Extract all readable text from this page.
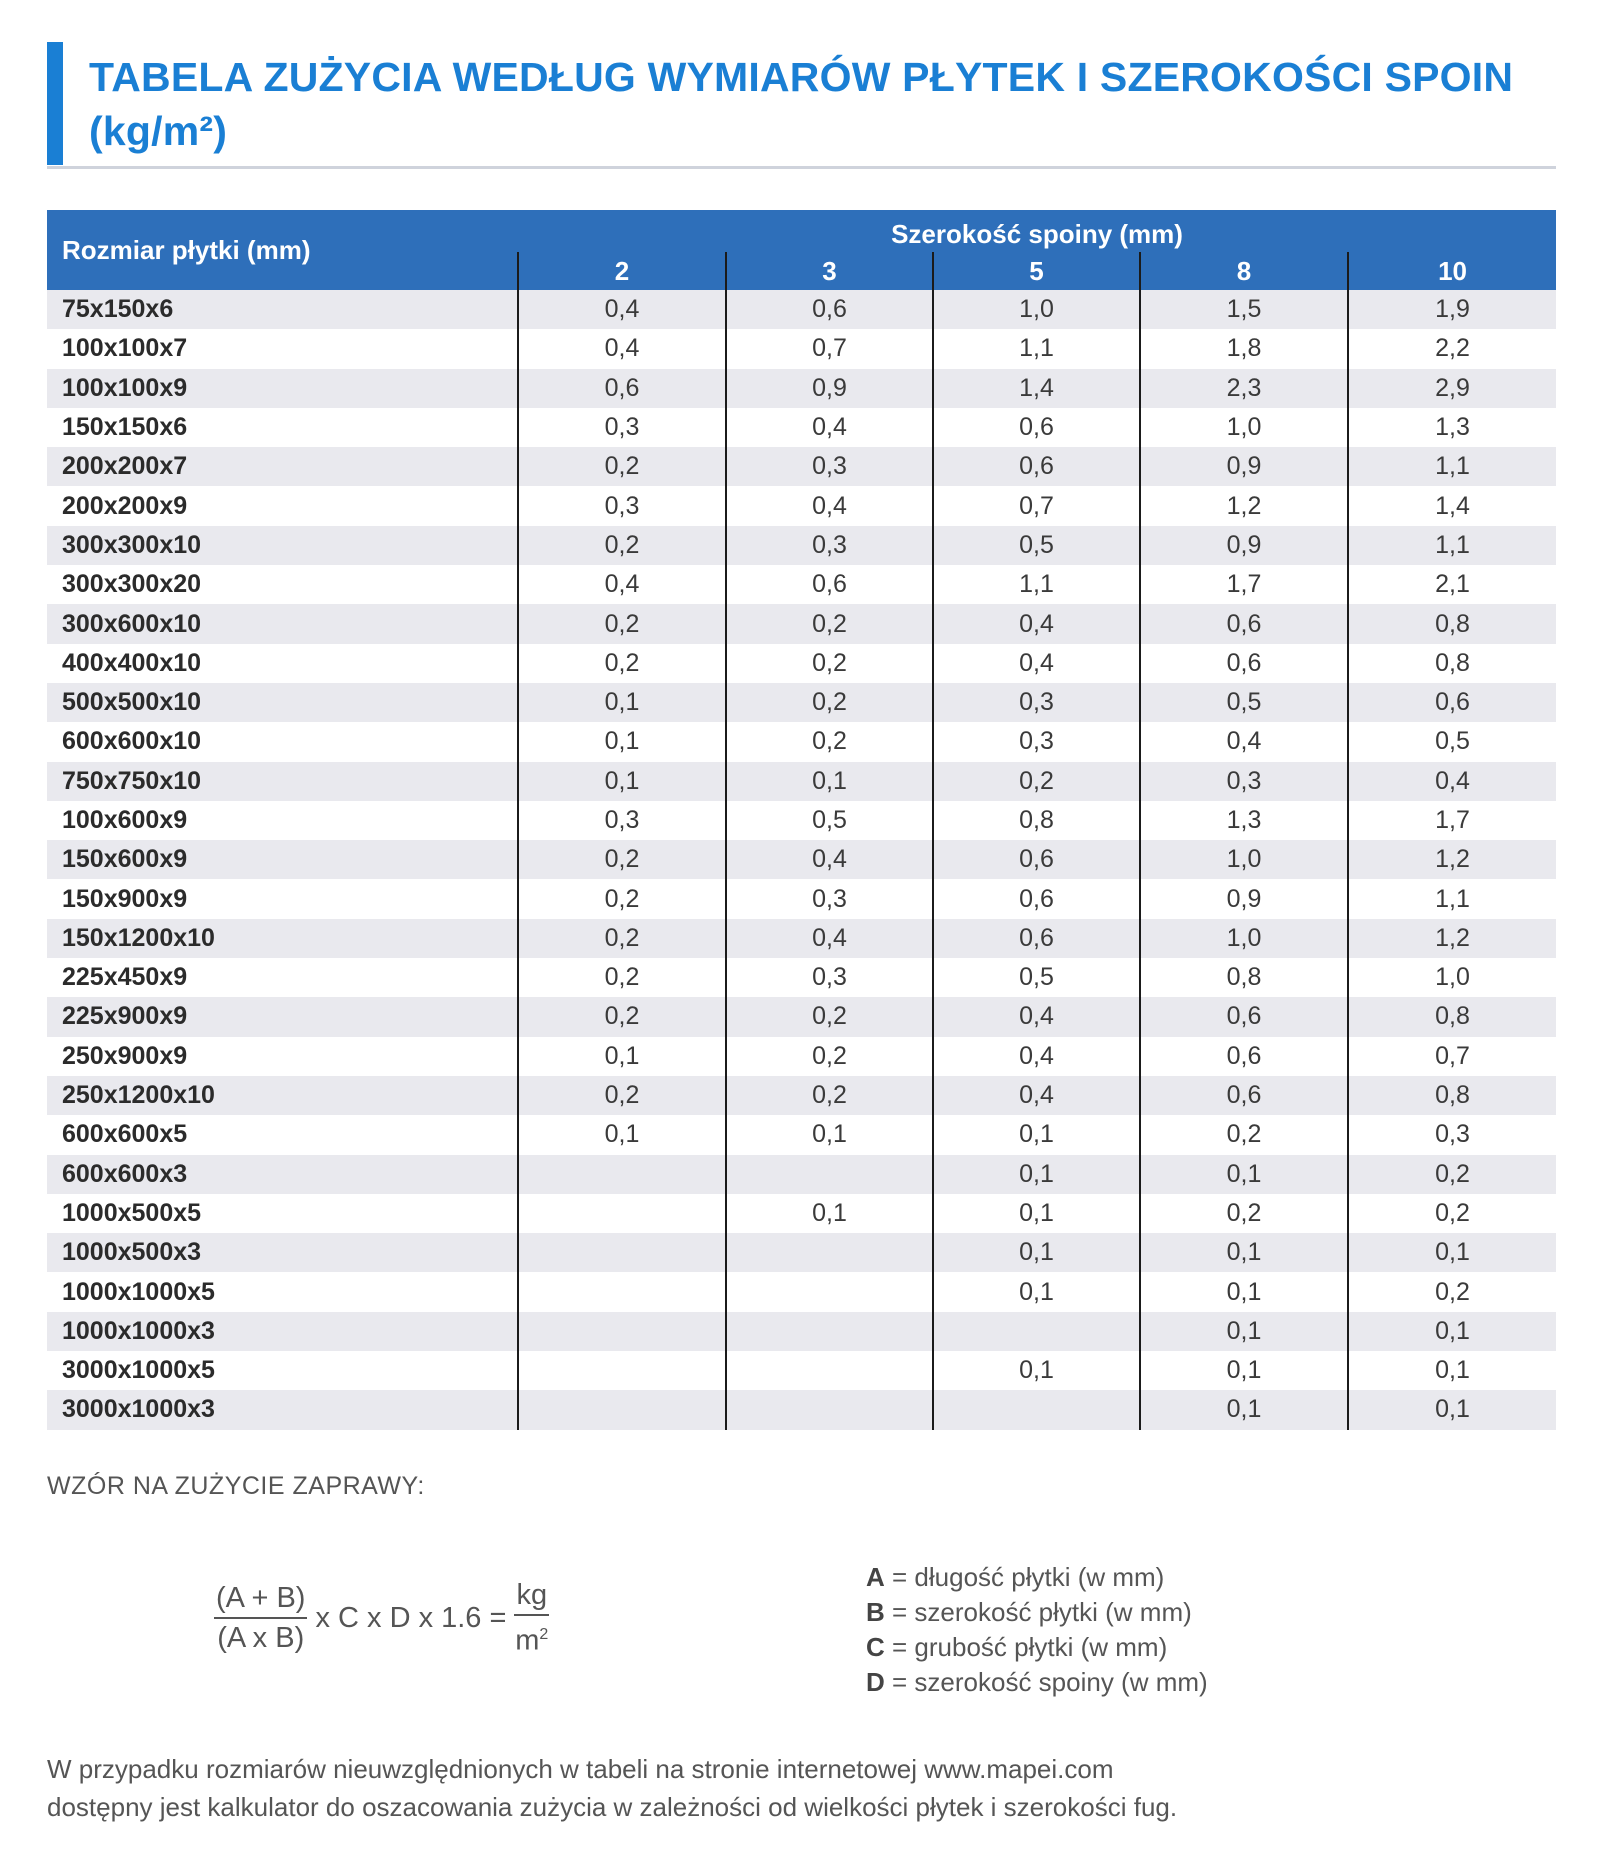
TABELA ZUŻYCIA WEDŁUG WYMIARÓW PŁYTEK I SZEROKOŚCI SPOIN (kg/m²)
Rozmiar płytki (mm)	Szerokość spoiny (mm)				
	2	3	5	8	10
75x150x6	0,4	0,6	1,0	1,5	1,9
100x100x7	0,4	0,7	1,1	1,8	2,2
100x100x9	0,6	0,9	1,4	2,3	2,9
150x150x6	0,3	0,4	0,6	1,0	1,3
200x200x7	0,2	0,3	0,6	0,9	1,1
200x200x9	0,3	0,4	0,7	1,2	1,4
300x300x10	0,2	0,3	0,5	0,9	1,1
300x300x20	0,4	0,6	1,1	1,7	2,1
300x600x10	0,2	0,2	0,4	0,6	0,8
400x400x10	0,2	0,2	0,4	0,6	0,8
500x500x10	0,1	0,2	0,3	0,5	0,6
600x600x10	0,1	0,2	0,3	0,4	0,5
750x750x10	0,1	0,1	0,2	0,3	0,4
100x600x9	0,3	0,5	0,8	1,3	1,7
150x600x9	0,2	0,4	0,6	1,0	1,2
150x900x9	0,2	0,3	0,6	0,9	1,1
150x1200x10	0,2	0,4	0,6	1,0	1,2
225x450x9	0,2	0,3	0,5	0,8	1,0
225x900x9	0,2	0,2	0,4	0,6	0,8
250x900x9	0,1	0,2	0,4	0,6	0,7
250x1200x10	0,2	0,2	0,4	0,6	0,8
600x600x5	0,1	0,1	0,1	0,2	0,3
600x600x3			0,1	0,1	0,2
1000x500x5		0,1	0,1	0,2	0,2
1000x500x3			0,1	0,1	0,1
1000x1000x5			0,1	0,1	0,2
1000x1000x3				0,1	0,1
3000x1000x5			0,1	0,1	0,1
3000x1000x3				0,1	0,1
WZÓR NA ZUŻYCIE ZAPRAWY:
$\frac{(A + B)}{\text{(A x B)}}$ x C x D x $1.6 = \frac{kg}{m^2}$
A = długość płytki (w mm)
B = szerokość płytki (w mm)
C = grubość płytki (w mm)
D = szerokość spoiny (w mm)
W przypadku rozmiarów nieuwzględnionych w tabeli na stronie internetowej www.mapei.com
dostępny jest kalkulator do oszacowania zużycia w zależności od wielkości płytek i szerokości fug.
